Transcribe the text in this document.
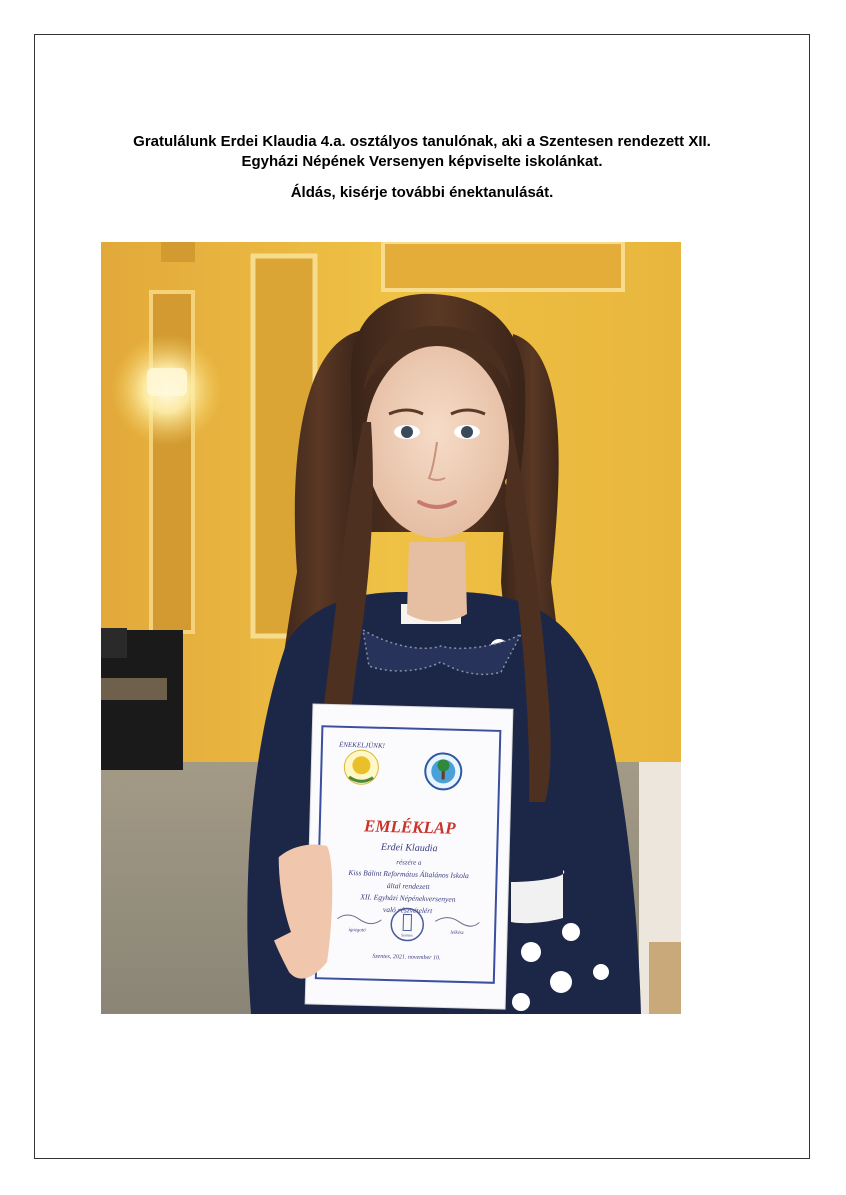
Gratulálunk Erdei Klaudia 4.a. osztályos tanulónak, aki a Szentesen rendezett XII.

Egyházi Népének Versenyen képviselte iskolánkat.

Áldás, kisérje további énektanulását.

ÉNEKELJÜNK!
EMLÉKLAP
Erdei Klaudia
részére a
Kiss Bálint Református Általános Iskola
által rendezett
XII. Egyházi Népénekversenyen
való részvételért
igazgató	lelkész
Szentes
Szentes, 2021. november 10.
